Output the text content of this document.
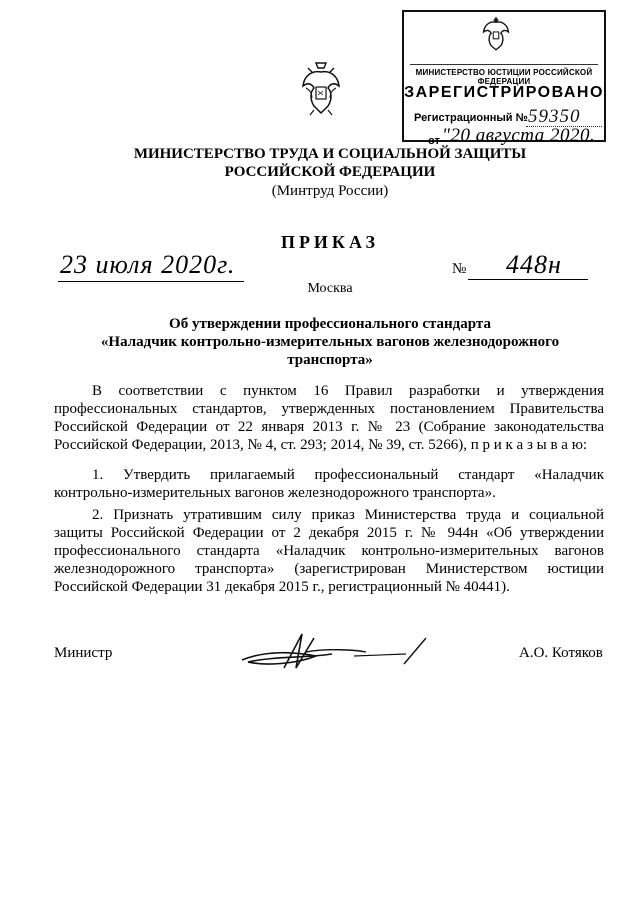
МИНИСТЕРСТВО ЮСТИЦИИ РОССИЙСКОЙ ФЕДЕРАЦИИ
ЗАРЕГИСТРИРОВАНО
Регистрационный № 59350
от "20 августа 2020.
МИНИСТЕРСТВО ТРУДА И СОЦИАЛЬНОЙ ЗАЩИТЫ
РОССИЙСКОЙ ФЕДЕРАЦИИ
(Минтруд России)
ПРИКАЗ
23 июля 2020г.	№ 448н
Москва
Об утверждении профессионального стандарта
«Наладчик контрольно-измерительных вагонов железнодорожного
транспорта»

В соответствии с пунктом 16 Правил разработки и утверждения профессиональных стандартов, утвержденных постановлением Правительства Российской Федерации от 22 января 2013 г. № 23 (Собрание законодательства Российской Федерации, 2013, № 4, ст. 293; 2014, № 39, ст. 5266), п р и к а з ы в а ю:

1. Утвердить прилагаемый профессиональный стандарт «Наладчик контрольно-измерительных вагонов железнодорожного транспорта».

2. Признать утратившим силу приказ Министерства труда и социальной защиты Российской Федерации от 2 декабря 2015 г. № 944н «Об утверждении профессионального стандарта «Наладчик контрольно-измерительных вагонов железнодорожного транспорта» (зарегистрирован Министерством юстиции Российской Федерации 31 декабря 2015 г., регистрационный № 40441).

Министр	А.О. Котяков
